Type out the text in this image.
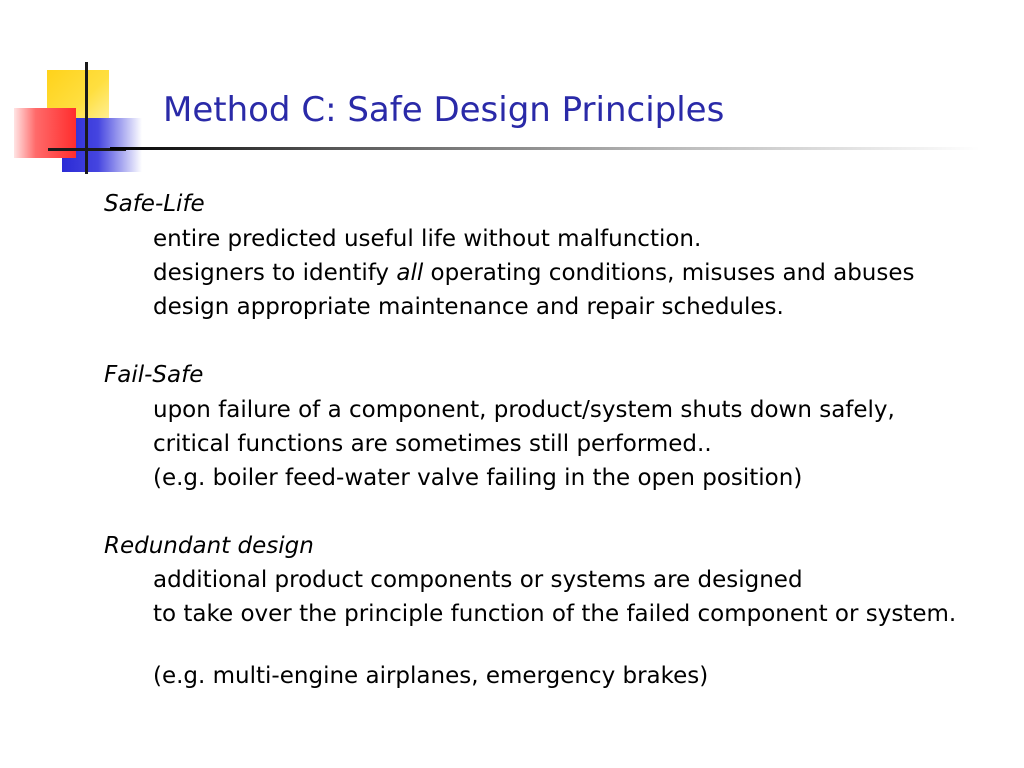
Method C: Safe Design Principles
Safe-Life
entire predicted useful life without malfunction.
designers to identify all operating conditions, misuses and abuses
design appropriate maintenance and repair schedules.
Fail-Safe
upon failure of a component, product/system shuts down safely,
critical functions are sometimes still performed..
(e.g. boiler feed-water valve failing in the open position)
Redundant design
additional product components or systems are designed
to take over the principle function of the failed component or system.
(e.g. multi-engine airplanes, emergency brakes)
